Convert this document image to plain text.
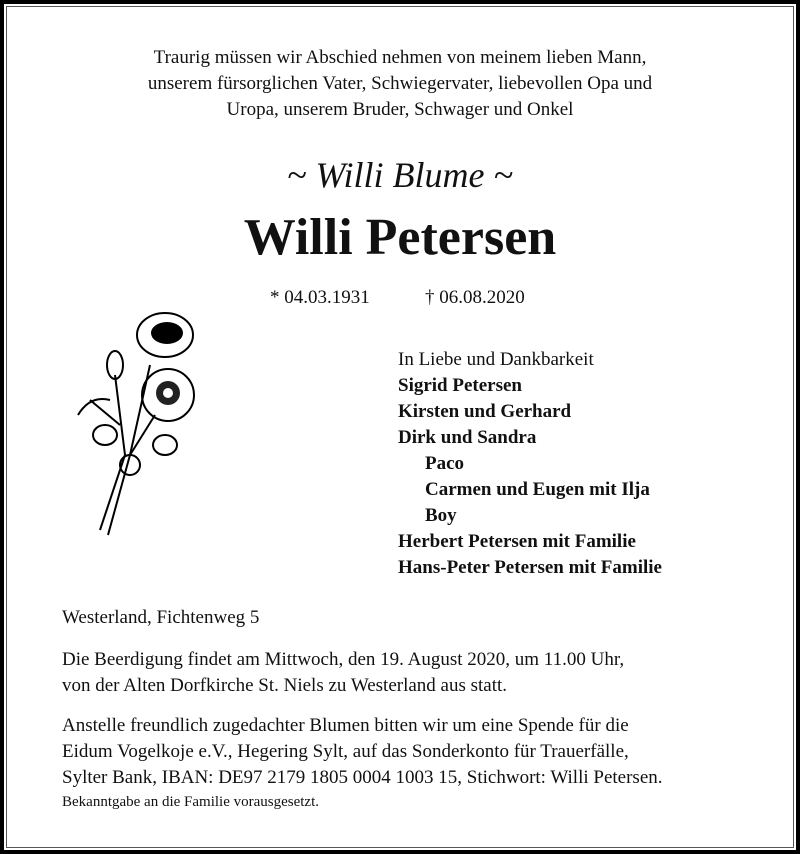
Traurig müssen wir Abschied nehmen von meinem lieben Mann,
unserem fürsorglichen Vater, Schwiegervater, liebevollen Opa und
Uropa, unserem Bruder, Schwager und Onkel
~ Willi Blume ~
Willi Petersen
* 04.03.1931	† 06.08.2020
In Liebe und Dankbarkeit
Sigrid Petersen
Kirsten und Gerhard
Dirk und Sandra
Paco
Carmen und Eugen mit Ilja
Boy
Herbert Petersen mit Familie
Hans-Peter Petersen mit Familie
Westerland, Fichtenweg 5
Die Beerdigung findet am Mittwoch, den 19. August 2020, um 11.00 Uhr,
von der Alten Dorfkirche St. Niels zu Westerland aus statt.
Anstelle freundlich zugedachter Blumen bitten wir um eine Spende für die
Eidum Vogelkoje e.V., Hegering Sylt, auf das Sonderkonto für Trauerfälle,
Sylter Bank, IBAN: DE97 2179 1805 0004 1003 15, Stichwort: Willi Petersen.
Bekanntgabe an die Familie vorausgesetzt.
